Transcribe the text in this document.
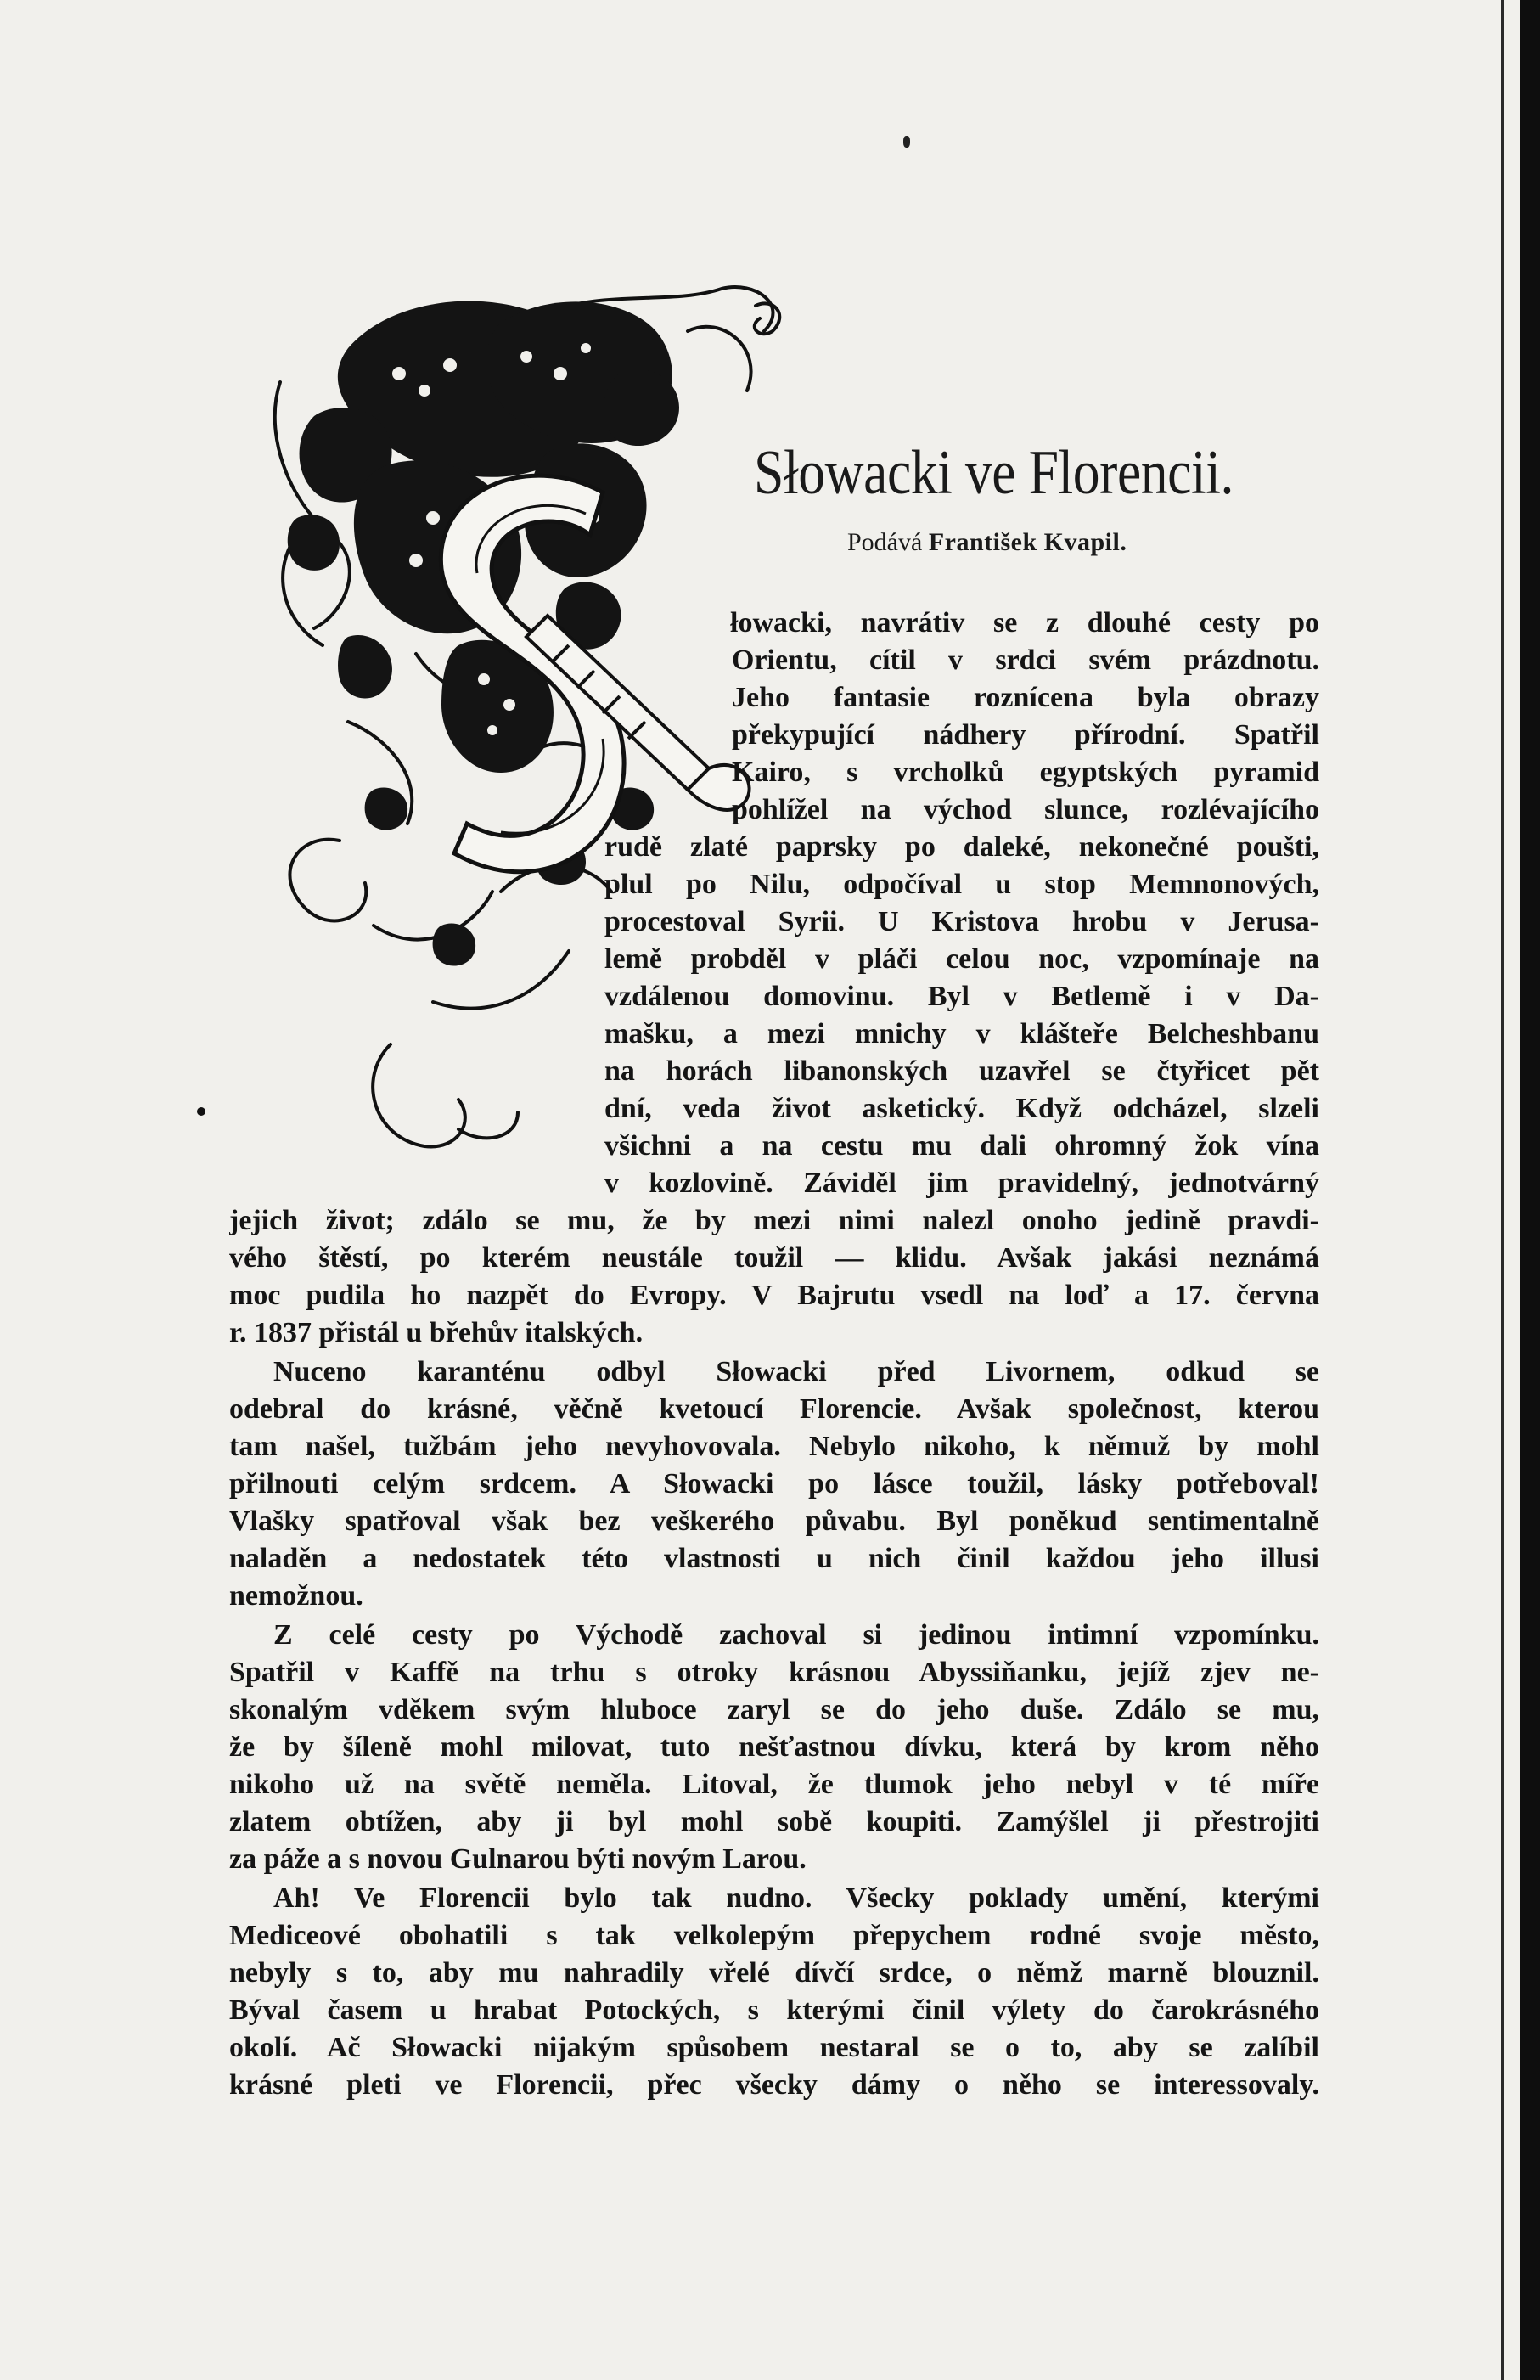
Słowacki ve Florencii.
Podává František Kvapil.
łowacki, navrátiv se z dlouhé cesty po
Orientu, cítil v srdci svém prázdnotu.
Jeho fantasie roznícena byla obrazy
překypující nádhery přírodní. Spatřil
Kairo, s vrcholků egyptských pyramid
pohlížel na východ slunce, rozlévajícího
rudě zlaté paprsky po daleké, nekonečné poušti,
plul po Nilu, odpočíval u stop Memnonových,
procestoval Syrii. U Kristova hrobu v Jerusa-
lemě probděl v pláči celou noc, vzpomínaje na
vzdálenou domovinu. Byl v Betlemě i v Da-
mašku, a mezi mnichy v klášteře Belcheshbanu
na horách libanonských uzavřel se čtyřicet pět
dní, veda život asketický. Když odcházel, slzeli
všichni a na cestu mu dali ohromný žok vína
v kozlovině. Záviděl jim pravidelný, jednotvárný
jejich život; zdálo se mu, že by mezi nimi nalezl onoho jedině pravdi-
vého štěstí, po kterém neustále toužil — klidu. Avšak jakási neznámá
moc pudila ho nazpět do Evropy. V Bajrutu vsedl na loď a 17. června
r. 1837 přistál u břehův italských.
Nuceno karanténu odbyl Słowacki před Livornem, odkud se
odebral do krásné, věčně kvetoucí Florencie. Avšak společnost, kterou
tam našel, tužbám jeho nevyhovovala. Nebylo nikoho, k němuž by mohl
přilnouti celým srdcem. A Słowacki po lásce toužil, lásky potřeboval!
Vlašky spatřoval však bez veškerého půvabu. Byl poněkud sentimentalně
naladěn a nedostatek této vlastnosti u nich činil každou jeho illusi
nemožnou.
Z celé cesty po Východě zachoval si jedinou intimní vzpomínku.
Spatřil v Kaffě na trhu s otroky krásnou Abyssiňanku, jejíž zjev ne-
skonalým vděkem svým hluboce zaryl se do jeho duše. Zdálo se mu,
že by šíleně mohl milovat, tuto nešťastnou dívku, která by krom něho
nikoho už na světě neměla. Litoval, že tlumok jeho nebyl v té míře
zlatem obtížen, aby ji byl mohl sobě koupiti. Zamýšlel ji přestrojiti
za páže a s novou Gulnarou býti novým Larou.
Ah! Ve Florencii bylo tak nudno. Všecky poklady umění, kterými
Mediceové obohatili s tak velkolepým přepychem rodné svoje město,
nebyly s to, aby mu nahradily vřelé dívčí srdce, o němž marně blouznil.
Býval časem u hrabat Potockých, s kterými činil výlety do čarokrásného
okolí. Ač Słowacki nijakým spůsobem nestaral se o to, aby se zalíbil
krásné pleti ve Florencii, přec všecky dámy o něho se interessovaly.
